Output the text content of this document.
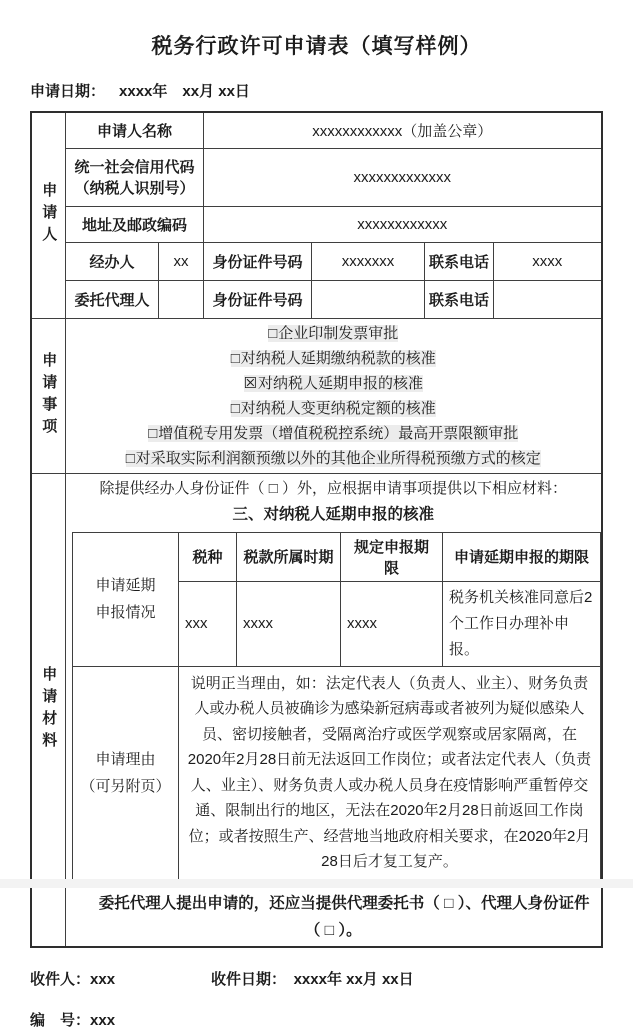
税务行政许可申请表（填写样例）
申请日期： xxxx年　xx月 xx日
申请人	申请人名称	xxxxxxxxxxxx（加盖公章）
统一社会信用代码（纳税人识别号）	xxxxxxxxxxxxx
地址及邮政编码	xxxxxxxxxxxx
经办人	xx	身份证件号码	xxxxxxx	联系电话	xxxx
委托代理人		身份证件号码		联系电话	
申请事项	
□企业印制发票审批
□对纳税人延期缴纳税款的核准
☒对纳税人延期申报的核准
□对纳税人变更纳税定额的核准
□增值税专用发票（增值税税控系统）最高开票限额审批
□对采取实际利润额预缴以外的其他企业所得税预缴方式的核定

申请材料	
除提供经办人身份证件（ □ ）外，应根据申请事项提供以下相应材料：
三、对纳税人延期申报的核准
申请延期
申报情况
	税种	税款所属时期	规定申报期限	申请延期申报的期限
xxx	xxxx	xxxx	税务机关核准同意后2个工作日办理补申报。

申请理由
（可另附页）
	说明正当理由，如：法定代表人（负责人、业主）、财务负责人或办税人员被确诊为感染新冠病毒或者被列为疑似感染人员、密切接触者，受隔离治疗或医学观察或居家隔离，在2020年2月28日前无法返回工作岗位；或者法定代表人（负责人、业主）、财务负责人或办税人员身在疫情影响严重暂停交通、限制出行的地区，无法在2020年2月28日前返回工作岗位；或者按照生产、经营地当地政府相关要求，在2020年2月28日后才复工复产。
委托代理人提出申请的，还应当提供代理委托书（ □ ）、代理人身份证件（ □ ）。
收件人：xxx	收件日期：　 xxxx年 xx月 xx日
编　号：xxx
